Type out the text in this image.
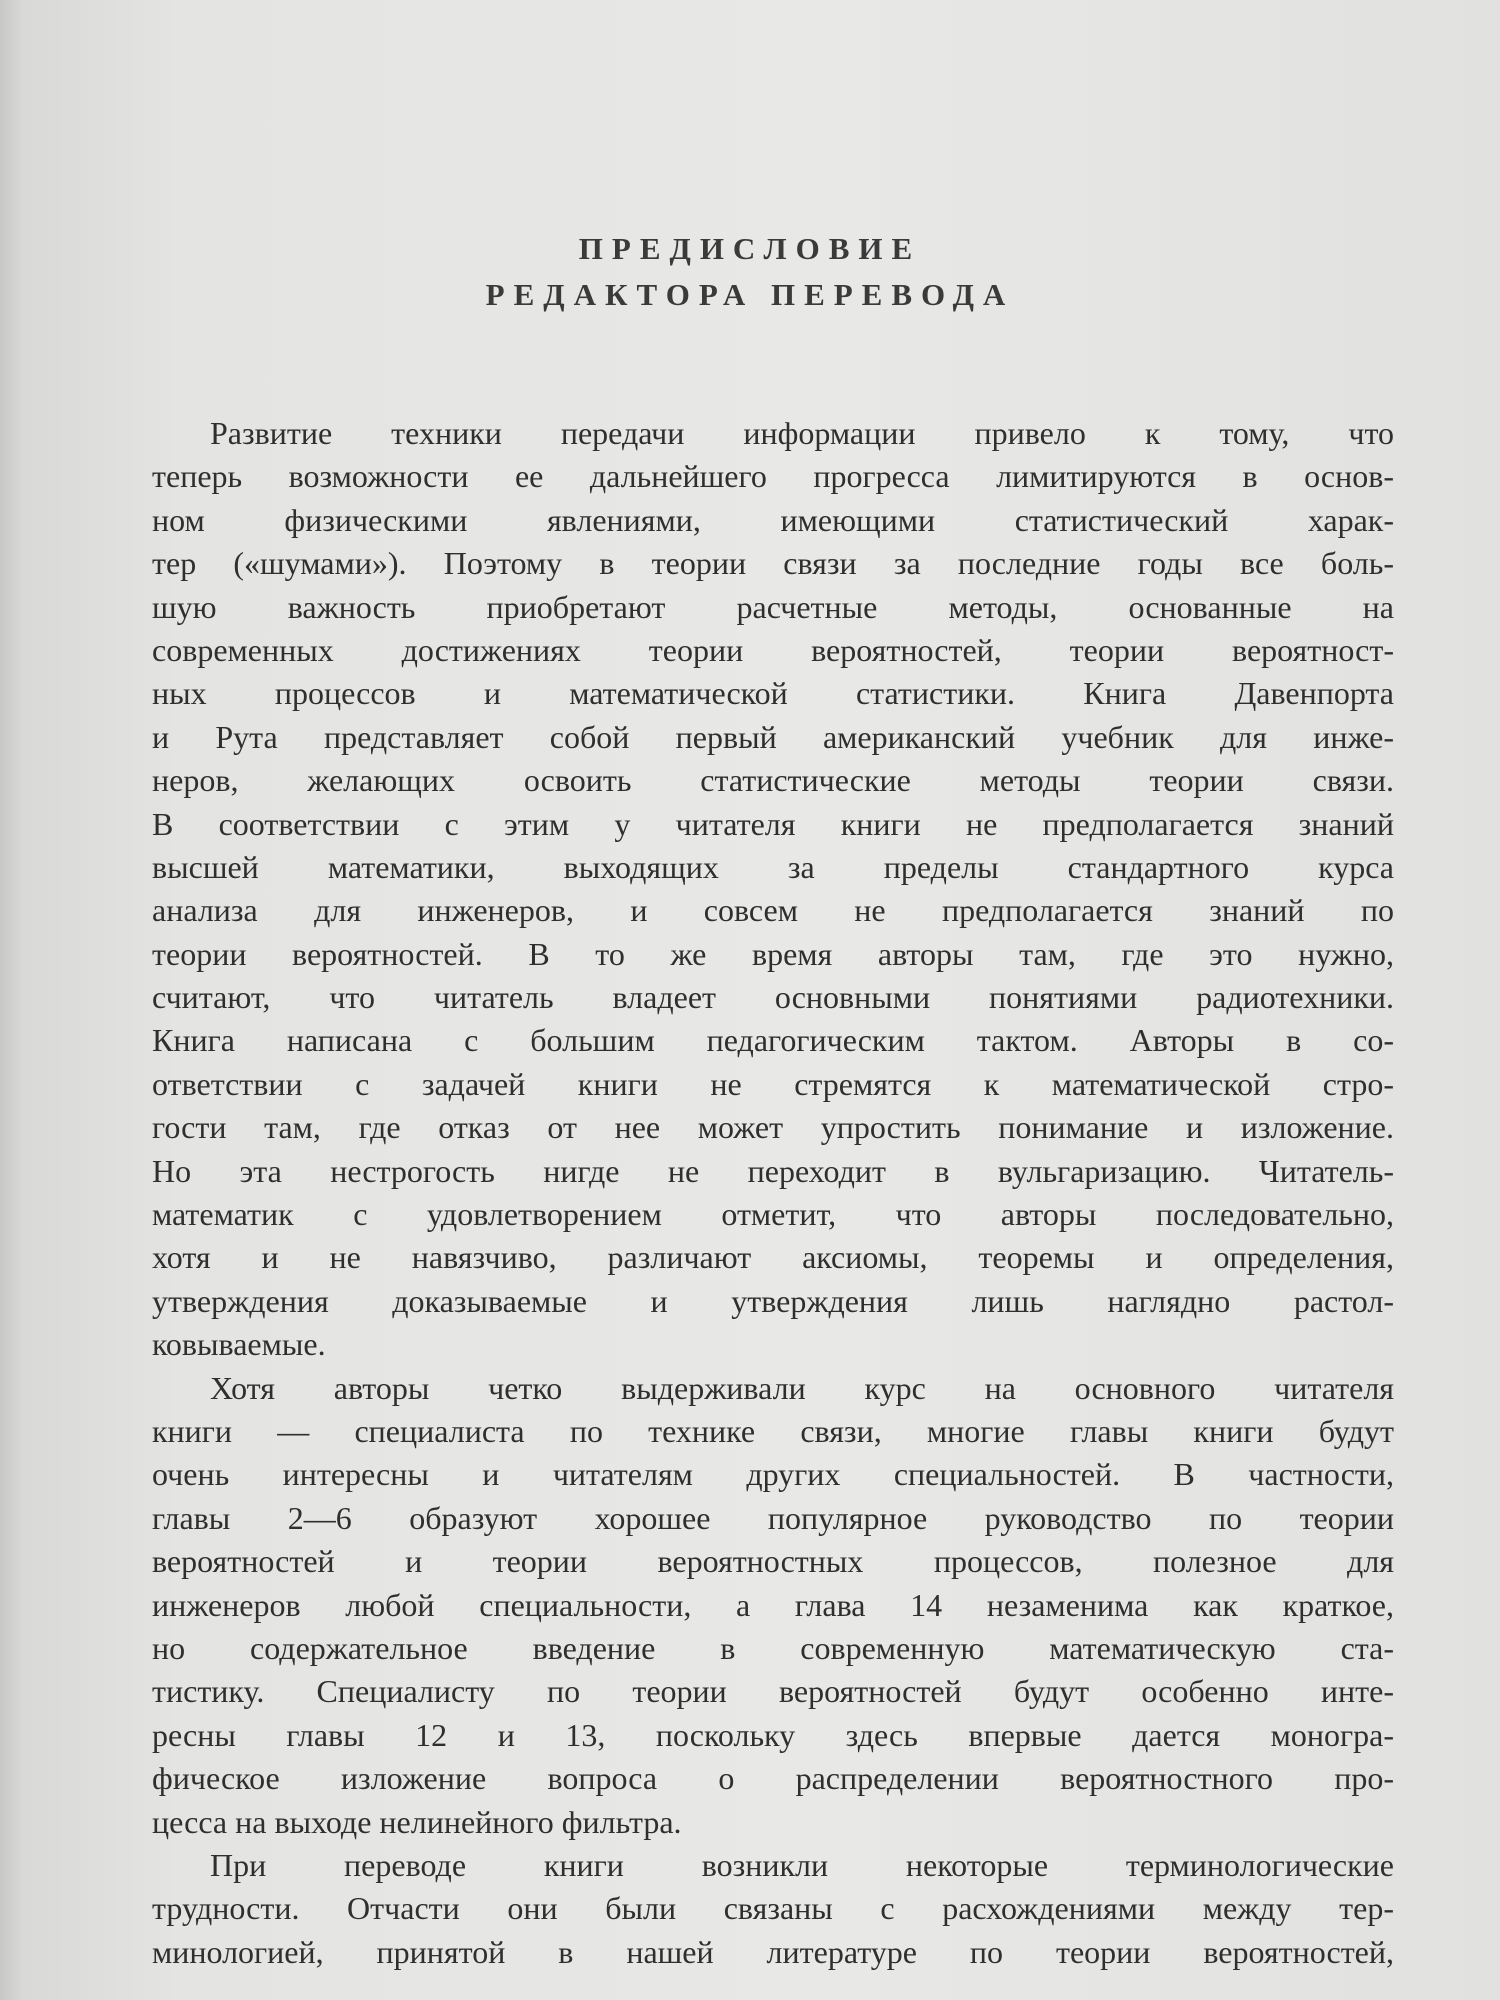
ПРЕДИСЛОВИЕ
РЕДАКТОРА ПЕРЕВОДА
Развитие техники передачи информации привело к тому, что
теперь возможности ее дальнейшего прогресса лимитируются в основ-
ном физическими явлениями, имеющими статистический харак-
тер («шумами»). Поэтому в теории связи за последние годы все боль-
шую важность приобретают расчетные методы, основанные на
современных достижениях теории вероятностей, теории вероятност-
ных процессов и математической статистики. Книга Давенпорта
и Рута представляет собой первый американский учебник для инже-
неров, желающих освоить статистические методы теории связи.
В соответствии с этим у читателя книги не предполагается знаний
высшей математики, выходящих за пределы стандартного курса
анализа для инженеров, и совсем не предполагается знаний по
теории вероятностей. В то же время авторы там, где это нужно,
считают, что читатель владеет основными понятиями радиотехники.
Книга написана с большим педагогическим тактом. Авторы в со-
ответствии с задачей книги не стремятся к математической стро-
гости там, где отказ от нее может упростить понимание и изложение.
Но эта нестрогость нигде не переходит в вульгаризацию. Читатель-
математик с удовлетворением отметит, что авторы последовательно,
хотя и не навязчиво, различают аксиомы, теоремы и определения,
утверждения доказываемые и утверждения лишь наглядно растол-
ковываемые.
Хотя авторы четко выдерживали курс на основного читателя
книги — специалиста по технике связи, многие главы книги будут
очень интересны и читателям других специальностей. В частности,
главы 2—6 образуют хорошее популярное руководство по теории
вероятностей и теории вероятностных процессов, полезное для
инженеров любой специальности, а глава 14 незаменима как краткое,
но содержательное введение в современную математическую ста-
тистику. Специалисту по теории вероятностей будут особенно инте-
ресны главы 12 и 13, поскольку здесь впервые дается моногра-
фическое изложение вопроса о распределении вероятностного про-
цесса на выходе нелинейного фильтра.
При переводе книги возникли некоторые терминологические
трудности. Отчасти они были связаны с расхождениями между тер-
минологией, принятой в нашей литературе по теории вероятностей,
